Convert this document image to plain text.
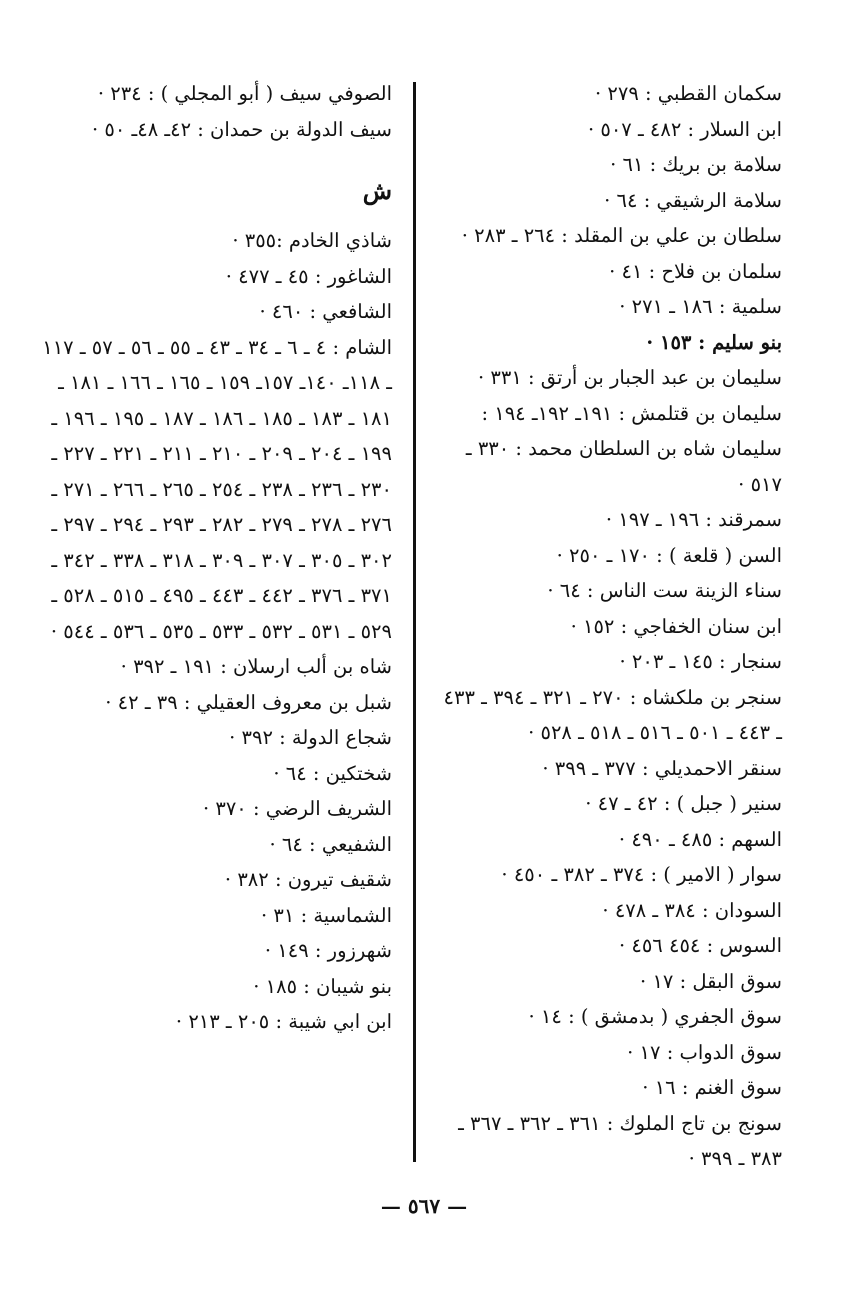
سكمان القطبي : ٢٧٩ ·
ابن السلار : ٤٨٢ ـ ٥٠٧ ·
سلامة بن بريك : ٦١ ·
سلامة الرشيقي : ٦٤ ·
سلطان بن علي بن المقلد : ٢٦٤ ـ ٢٨٣ ·
سلمان بن فلاح : ٤١ ·
سلمية : ١٨٦ ـ ٢٧١ ·
بنو سليم : ١٥٣ ·
سليمان بن عبد الجبار بن أرتق : ٣٣١ ·
سليمان بن قتلمش : ١٩١ـ ١٩٢ـ ١٩٤ :
سليمان شاه بن السلطان محمد : ٣٣٠ ـ ٥١٧ ·
سمرقند : ١٩٦ ـ ١٩٧ ·
السن ( قلعة ) : ١٧٠ ـ ٢٥٠ ·
سناء الزينة ست الناس : ٦٤ ·
ابن سنان الخفاجي : ١٥٢ ·
سنجار : ١٤٥ ـ ٢٠٣ ·
سنجر بن ملكشاه : ٢٧٠ ـ ٣٢١ ـ ٣٩٤ ـ ٤٣٣ ـ ٤٤٣ ـ ٥٠١ ـ ٥١٦ ـ ٥١٨ ـ ٥٢٨ ·
سنقر الاحمديلي : ٣٧٧ ـ ٣٩٩ ·
سنير ( جبل ) : ٤٢ ـ ٤٧ ·
السهم : ٤٨٥ ـ ٤٩٠ ·
سوار ( الامير ) : ٣٧٤ ـ ٣٨٢ ـ ٤٥٠ ·
السودان : ٣٨٤ ـ ٤٧٨ ·
السوس : ٤٥٤ ٤٥٦ ·
سوق البقل : ١٧ ·
سوق الجفري ( بدمشق ) : ١٤ ·
سوق الدواب : ١٧ ·
سوق الغنم : ١٦ ·
سونج بن تاج الملوك : ٣٦١ ـ ٣٦٢ ـ ٣٦٧ ـ ٣٨٣ ـ ٣٩٩ ·
الصوفي سيف ( أبو المجلي ) : ٢٣٤ ·
سيف الدولة بن حمدان : ٤٢ـ ٤٨ـ ٥٠ ·
ش
شاذي الخادم :٣٥٥ ·
الشاغور : ٤٥ ـ ٤٧٧ ·
الشافعي : ٤٦٠ ·
الشام : ٤ ـ ٦ ـ ٣٤ ـ ٤٣ ـ ٥٥ ـ ٥٦ ـ ٥٧ ـ ١١٧ ـ ١١٨ـ ١٤٠ـ ١٥٧ـ ١٥٩ ـ ١٦٥ ـ ١٦٦ ـ ١٨١ ـ ١٨١ ـ ١٨٣ ـ ١٨٥ ـ ١٨٦ ـ ١٨٧ ـ ١٩٥ ـ ١٩٦ ـ ١٩٩ ـ ٢٠٤ ـ ٢٠٩ ـ ٢١٠ ـ ٢١١ ـ ٢٢١ ـ ٢٢٧ ـ ٢٣٠ ـ ٢٣٦ ـ ٢٣٨ ـ ٢٥٤ ـ ٢٦٥ ـ ٢٦٦ ـ ٢٧١ ـ ٢٧٦ ـ ٢٧٨ ـ ٢٧٩ ـ ٢٨٢ ـ ٢٩٣ ـ ٢٩٤ ـ ٢٩٧ ـ ٣٠٢ ـ ٣٠٥ ـ ٣٠٧ ـ ٣٠٩ ـ ٣١٨ ـ ٣٣٨ ـ ٣٤٢ ـ ٣٧١ ـ ٣٧٦ ـ ٤٤٢ ـ ٤٤٣ ـ ٤٩٥ ـ ٥١٥ ـ ٥٢٨ ـ ٥٢٩ ـ ٥٣١ ـ ٥٣٢ ـ ٥٣٣ ـ ٥٣٥ ـ ٥٣٦ ـ ٥٤٤ ·
شاه بن ألب ارسلان : ١٩١ ـ ٣٩٢ ·
شبل بن معروف العقيلي : ٣٩ ـ ٤٢ ·
شجاع الدولة : ٣٩٢ ·
شختكين : ٦٤ ·
الشريف الرضي : ٣٧٠ ·
الشفيعي : ٦٤ ·
شقيف تيرون : ٣٨٢ ·
الشماسية : ٣١ ·
شهرزور : ١٤٩ ·
بنو شيبان : ١٨٥ ·
ابن ابي شيبة : ٢٠٥ ـ ٢١٣ ·
— ٥٦٧ —
